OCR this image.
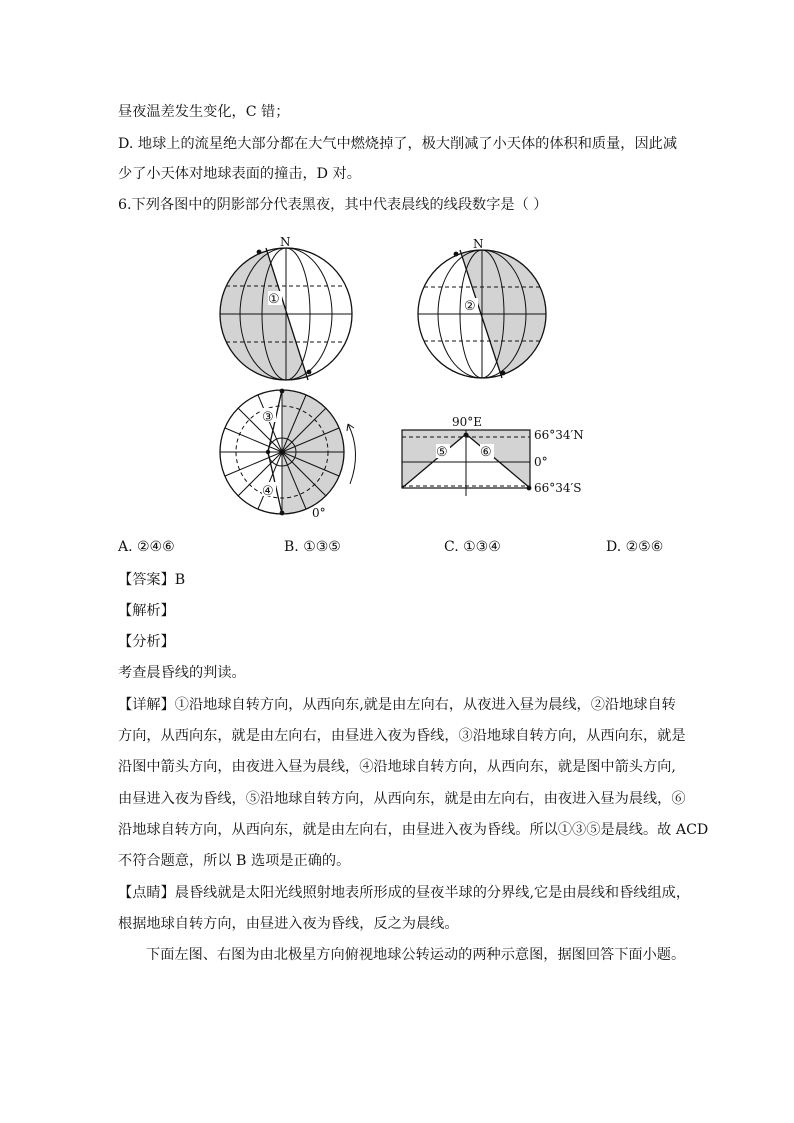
昼夜温差发生变化，C 错；
D. 地球上的流星绝大部分都在大气中燃烧掉了，极大削减了小天体的体积和质量，因此减
少了小天体对地球表面的撞击，D 对。
6.下列各图中的阴影部分代表黑夜，其中代表晨线的线段数字是（ ）
N
①
N
②
③
④
0°
90°E
66°34′N
0°
66°34′S
⑤ ⑥
A. ②④⑥	B. ①③⑤	C. ①③④	D. ②⑤⑥
【答案】B
【解析】
【分析】
考查晨昏线的判读。
【详解】①沿地球自转方向，从西向东,就是由左向右，从夜进入昼为晨线，②沿地球自转
方向，从西向东，就是由左向右，由昼进入夜为昏线，③沿地球自转方向，从西向东，就是
沿图中箭头方向，由夜进入昼为晨线，④沿地球自转方向，从西向东，就是图中箭头方向,
由昼进入夜为昏线，⑤沿地球自转方向，从西向东，就是由左向右，由夜进入昼为晨线，⑥
沿地球自转方向，从西向东，就是由左向右，由昼进入夜为昏线。所以①③⑤是晨线。故 ACD
不符合题意，所以 B 选项是正确的。
【点睛】晨昏线就是太阳光线照射地表所形成的昼夜半球的分界线,它是由晨线和昏线组成，
根据地球自转方向，由昼进入夜为昏线，反之为晨线。
下面左图、右图为由北极星方向俯视地球公转运动的两种示意图，据图回答下面小题。
